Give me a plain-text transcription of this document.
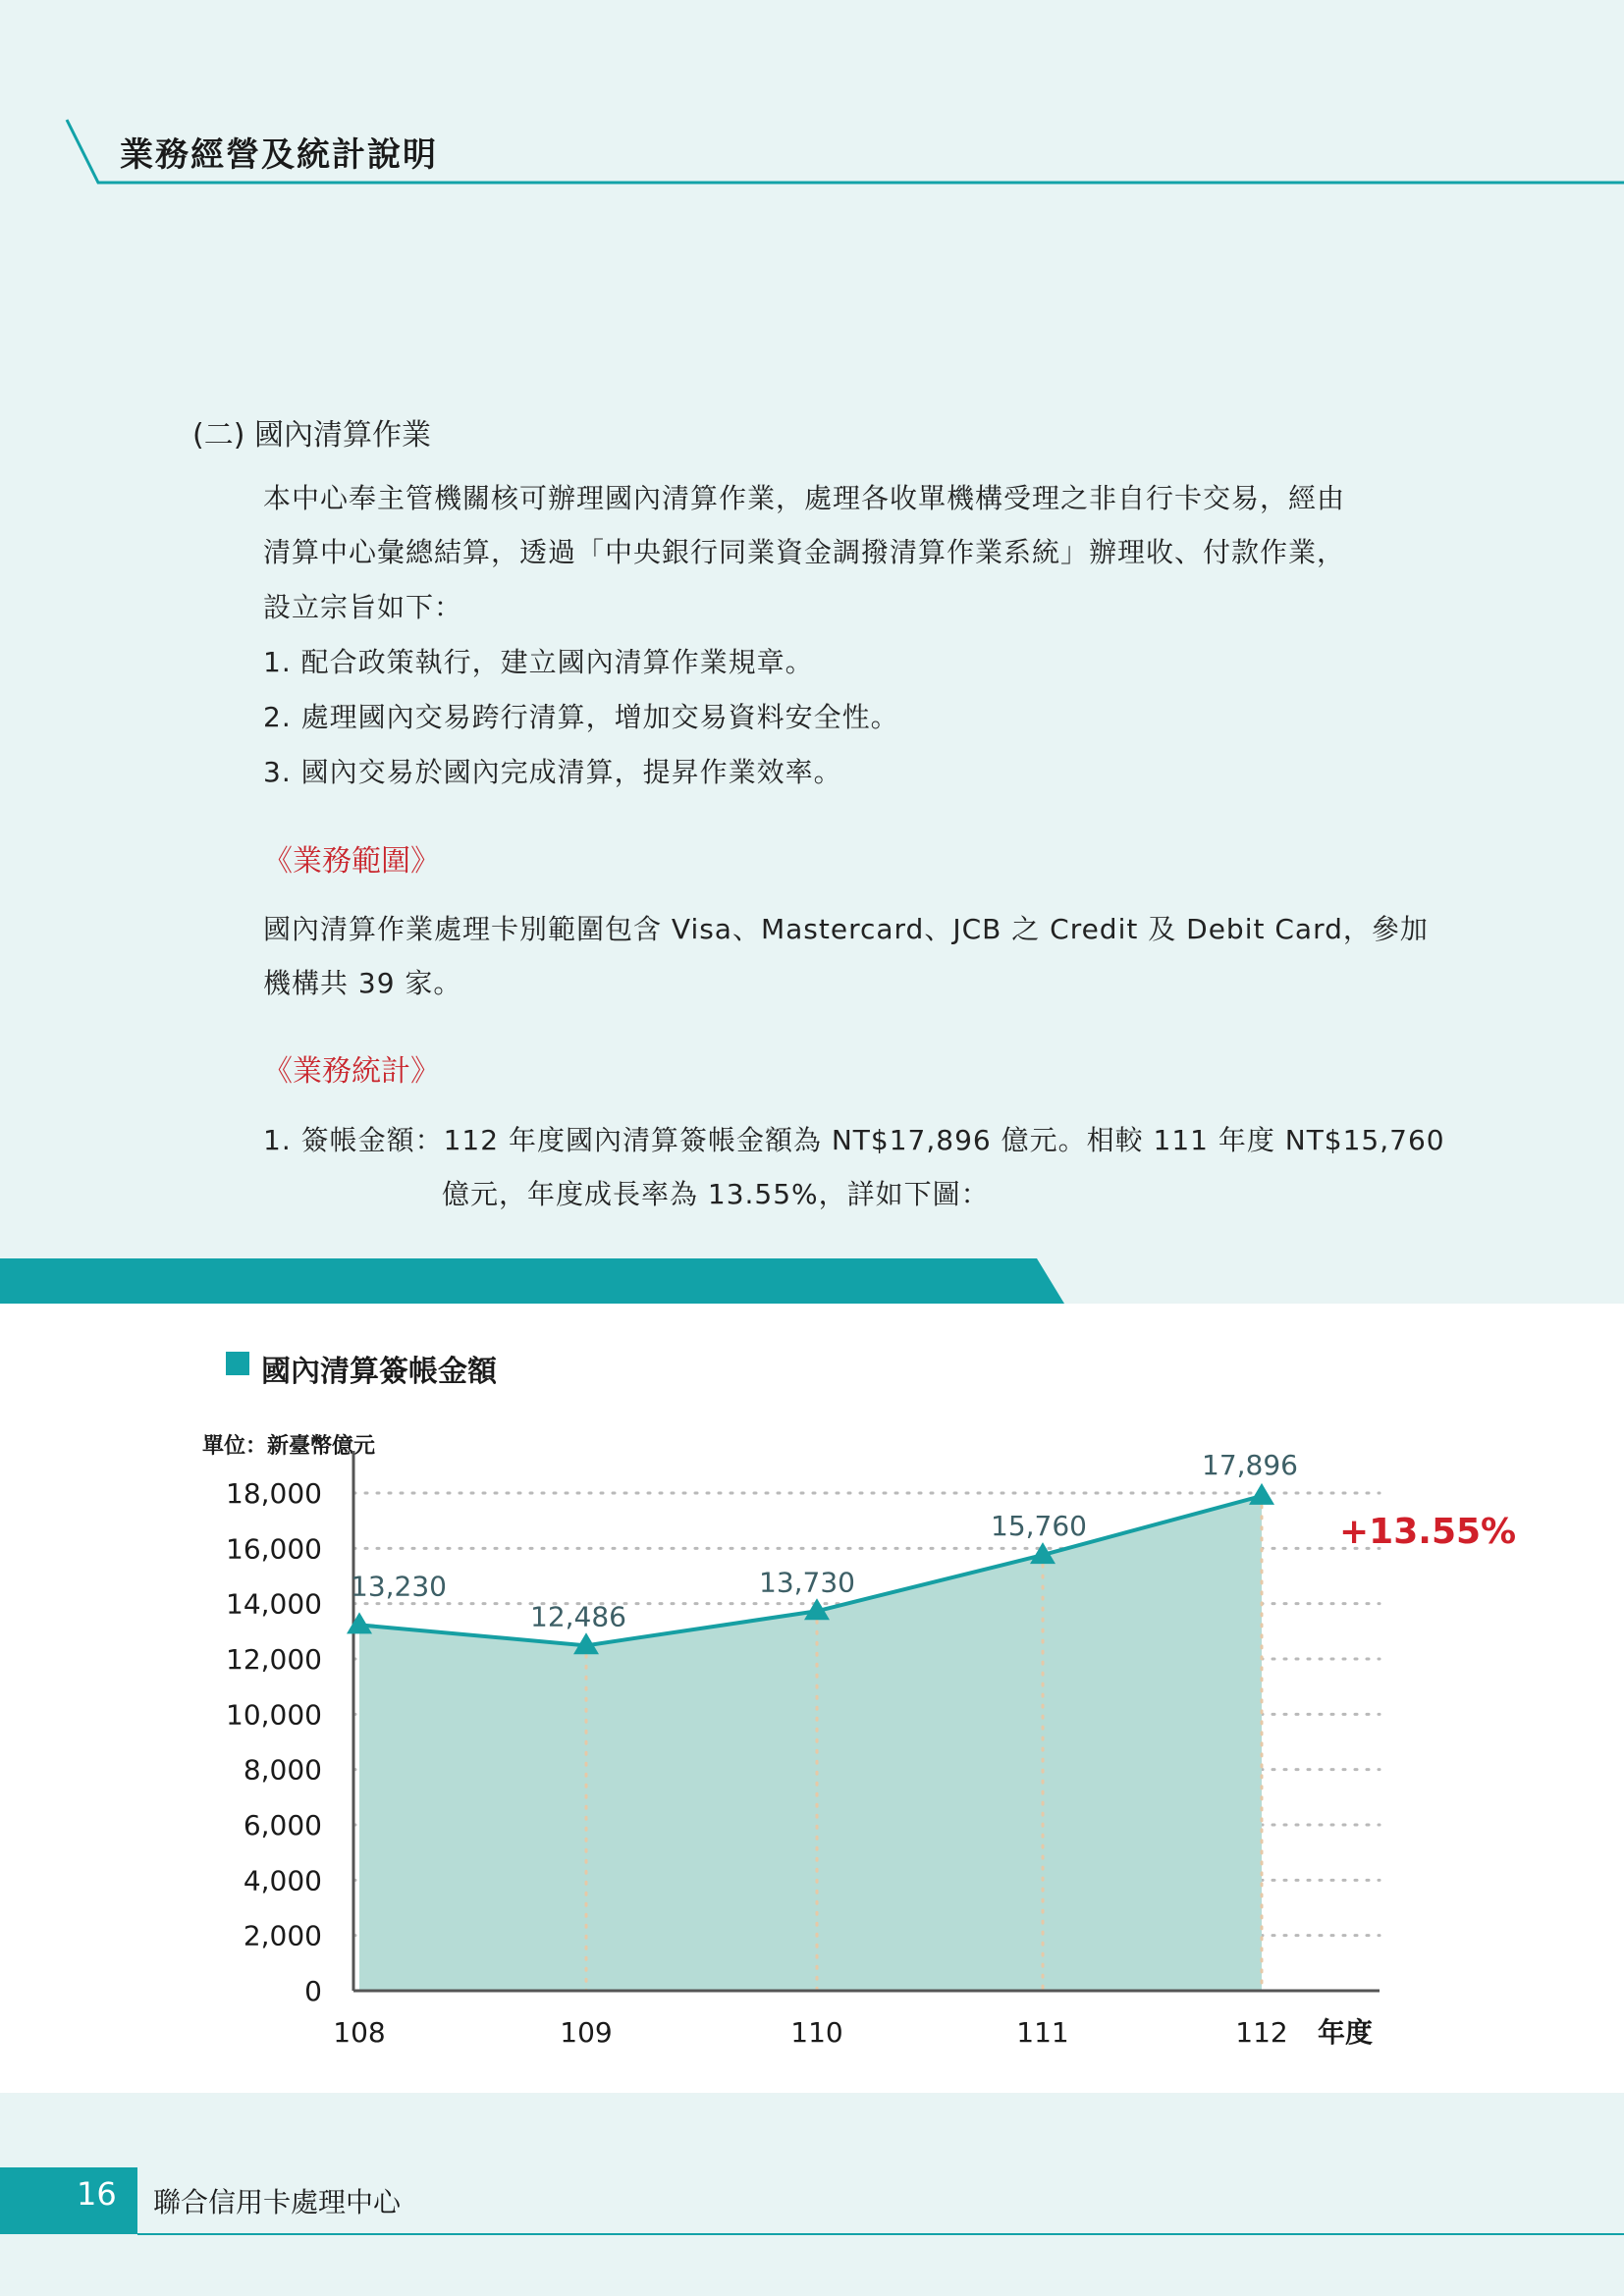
業務經營及統計說明
(二) 國內清算作業
本中心奉主管機關核可辦理國內清算作業，處理各收單機構受理之非自行卡交易，經由
清算中心彙總結算，透過「中央銀行同業資金調撥清算作業系統」辦理收、付款作業，
設立宗旨如下：
1. 配合政策執行，建立國內清算作業規章。
2. 處理國內交易跨行清算，增加交易資料安全性。
3. 國內交易於國內完成清算，提昇作業效率。
《業務範圍》
國內清算作業處理卡別範圍包含 Visa、Mastercard、JCB 之 Credit 及 Debit Card，參加
機構共 39 家。
《業務統計》
1. 簽帳金額：112 年度國內清算簽帳金額為 NT$17,896 億元。相較 111 年度 NT$15,760
億元，年度成長率為 13.55%，詳如下圖：
國內清算簽帳金額
單位：新臺幣億元
0
2,000
4,000
6,000
8,000
10,000
12,000
14,000
16,000
18,000
13,230
108
12,486
109
13,730
110
15,760
111
17,896
112 年度
+13.55%
16 聯合信用卡處理中心
